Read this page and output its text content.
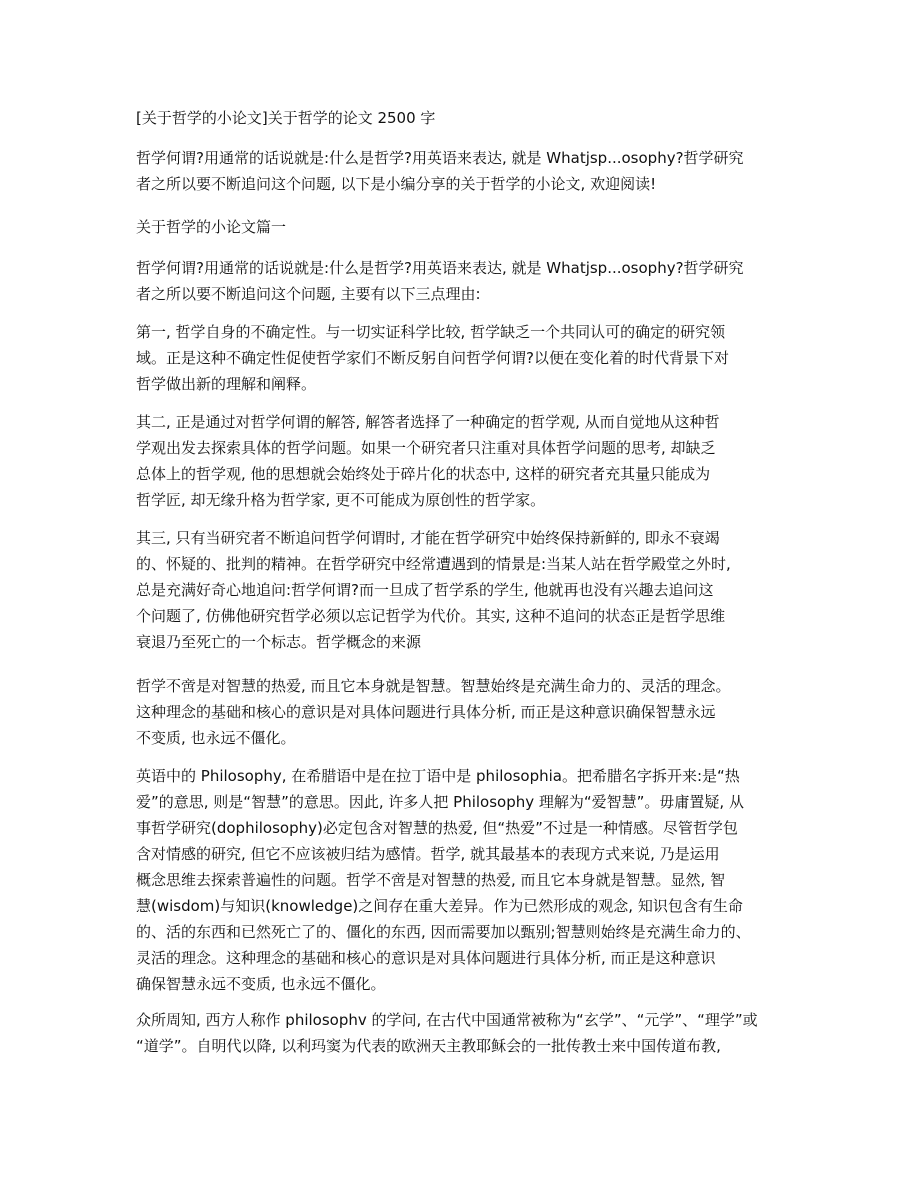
[关于哲学的小论文]关于哲学的论文 2500 字
哲学何谓?用通常的话说就是:什么是哲学?用英语来表达, 就是 Whatjsp...osophy?哲学研究
者之所以要不断追问这个问题, 以下是小编分享的关于哲学的小论文, 欢迎阅读!
关于哲学的小论文篇一
哲学何谓?用通常的话说就是:什么是哲学?用英语来表达, 就是 Whatjsp...osophy?哲学研究
者之所以要不断追问这个问题, 主要有以下三点理由:
第一, 哲学自身的不确定性。与一切实证科学比较, 哲学缺乏一个共同认可的确定的研究领
域。正是这种不确定性促使哲学家们不断反躬自问哲学何谓?以便在变化着的时代背景下对
哲学做出新的理解和阐释。
其二, 正是通过对哲学何谓的解答, 解答者选择了一种确定的哲学观, 从而自觉地从这种哲
学观出发去探索具体的哲学问题。如果一个研究者只注重对具体哲学问题的思考, 却缺乏
总体上的哲学观, 他的思想就会始终处于碎片化的状态中, 这样的研究者充其量只能成为
哲学匠, 却无缘升格为哲学家, 更不可能成为原创性的哲学家。
其三, 只有当研究者不断追问哲学何谓时, 才能在哲学研究中始终保持新鲜的, 即永不衰竭
的、怀疑的、批判的精神。在哲学研究中经常遭遇到的情景是:当某人站在哲学殿堂之外时,
总是充满好奇心地追问:哲学何谓?而一旦成了哲学系的学生, 他就再也没有兴趣去追问这
个问题了, 仿佛他研究哲学必须以忘记哲学为代价。其实, 这种不追问的状态正是哲学思维
衰退乃至死亡的一个标志。哲学概念的来源
哲学不啻是对智慧的热爱, 而且它本身就是智慧。智慧始终是充满生命力的、灵活的理念。
这种理念的基础和核心的意识是对具体问题进行具体分析, 而正是这种意识确保智慧永远
不变质, 也永远不僵化。
英语中的 Philosophy, 在希腊语中是在拉丁语中是 philosophia。把希腊名字拆开来:是“热
爱”的意思, 则是“智慧”的意思。因此, 许多人把 Philosophy 理解为“爱智慧”。毋庸置疑, 从
事哲学研究(dophilosophy)必定包含对智慧的热爱, 但“热爱”不过是一种情感。尽管哲学包
含对情感的研究, 但它不应该被归结为感情。哲学, 就其最基本的表现方式来说, 乃是运用
概念思维去探索普遍性的问题。哲学不啻是对智慧的热爱, 而且它本身就是智慧。显然, 智
慧(wisdom)与知识(knowledge)之间存在重大差异。作为已然形成的观念, 知识包含有生命
的、活的东西和已然死亡了的、僵化的东西, 因而需要加以甄别;智慧则始终是充满生命力的、
灵活的理念。这种理念的基础和核心的意识是对具体问题进行具体分析, 而正是这种意识
确保智慧永远不变质, 也永远不僵化。
众所周知, 西方人称作 philosophv 的学问, 在古代中国通常被称为“玄学”、“元学”、“理学”或
“道学”。自明代以降, 以利玛窦为代表的欧洲天主教耶稣会的一批传教士来中国传道布教,
